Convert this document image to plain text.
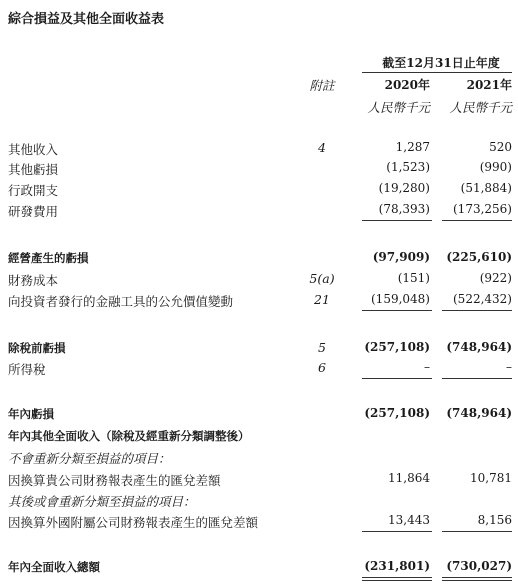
綜合損益及其他全面收益表
截至12月31日止年度
附註	2020年	2021年
人民幣千元	人民幣千元
其他收入	4	1,287	520
其他虧損	(1,523)	(990)
行政開支	(19,280)	(51,884)
研發費用	(78,393)	(173,256)
經營產生的虧損	(97,909)	(225,610)
財務成本	5(a)	(151)	(922)
向投資者發行的金融工具的公允價值變動	21	(159,048)	(522,432)
除稅前虧損	5	(257,108)	(748,964)
所得稅	6	–	–
年內虧損	(257,108)	(748,964)
年內其他全面收入（除稅及經重新分類調整後）
不會重新分類至損益的項目：
因換算貴公司財務報表產生的匯兌差額	11,864	10,781
其後或會重新分類至損益的項目：
因換算外國附屬公司財務報表產生的匯兌差額	13,443	8,156
年內全面收入總額	(231,801)	(730,027)
